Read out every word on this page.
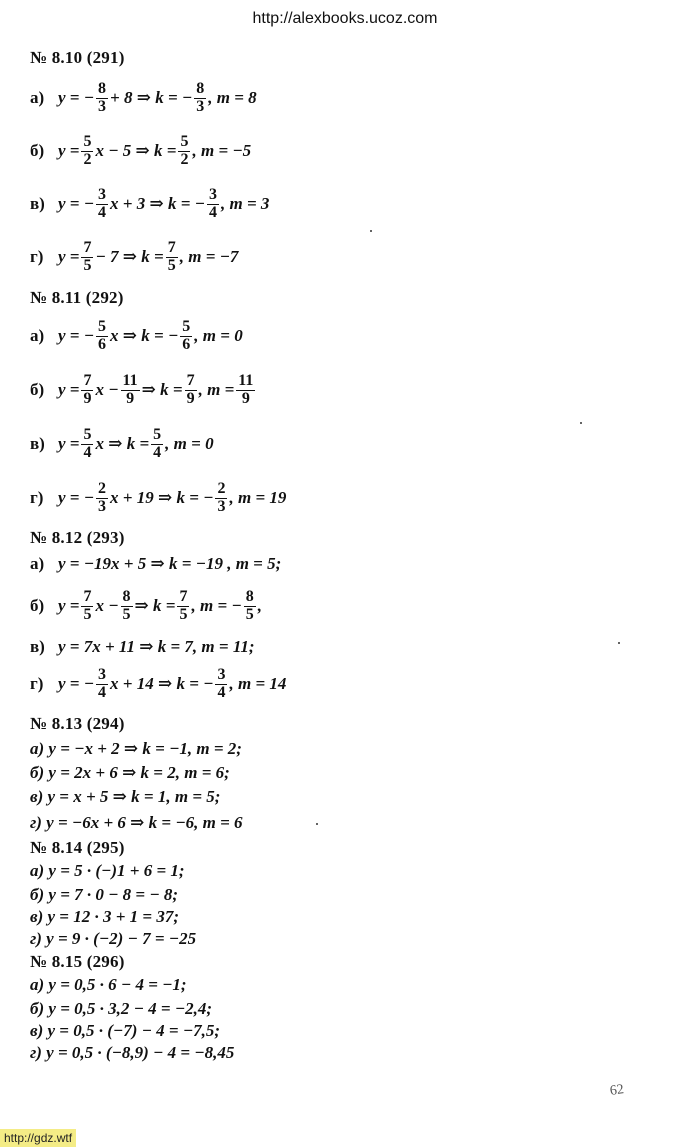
http://alexbooks.ucoz.com
№ 8.10 (291)
а) y = − $\frac{8}{3} + 8$ ⇒ k = − $\frac{8}{3}$ , m = 8
б) $y = \frac{5}{2}$ x − 5 ⇒ $k = \frac{5}{2}$ , m = −5
в) y = − $\frac{3}{4}$ x + 3 ⇒ k = − $\frac{3}{4}$ , m = 3
г) $y = \frac{7}{5} - 7$ ⇒ $k = \frac{7}{5}$ , m = −7
№ 8.11 (292)
а) y = − $\frac{5}{6}$ x ⇒ k = − $\frac{5}{6}$ , m = 0
б) $y = \frac{7}{9}$ $x - \frac{11}{9}$ ⇒ $k = \frac{7}{9}$ , $m = \frac{11}{9}$
в) $y = \frac{5}{4}$ x ⇒ $k = \frac{5}{4}$ , m = 0
г) y = − $\frac{2}{3}$ x + 19 ⇒ k = − $\frac{2}{3}$ , m = 19
№ 8.12 (293)
а) y = −19x + 5 ⇒ k = −19 , m = 5;
б) $y = \frac{7}{5}$ $x - \frac{8}{5}$ ⇒ $k = \frac{7}{5}$ , m = − $\frac{8}{5}$ ,
в) y = 7x + 11 ⇒ k = 7, m = 11;
г) y = − $\frac{3}{4}$ x + 14 ⇒ k = − $\frac{3}{4}$ , m = 14
№ 8.13 (294)
а) y = −x + 2 ⇒ k = −1, m = 2;
б) y = 2x + 6 ⇒ k = 2, m = 6;
в) y = x + 5 ⇒ k = 1, m = 5;
г) y = −6x + 6 ⇒ k = −6, m = 6
№ 8.14 (295)
а) y = 5 · (−)1 + 6 = 1;
б) y = 7 · 0 − 8 = − 8;
в) y = 12 · 3 + 1 = 37;
г) y = 9 · (−2) − 7 = −25
№ 8.15 (296)
а) y = 0,5 · 6 − 4 = −1;
б) y = 0,5 · 3,2 − 4 = −2,4;
в) y = 0,5 · (−7) − 4 = −7,5;
г) y = 0,5 · (−8,9) − 4 = −8,45
62
http://gdz.wtf
